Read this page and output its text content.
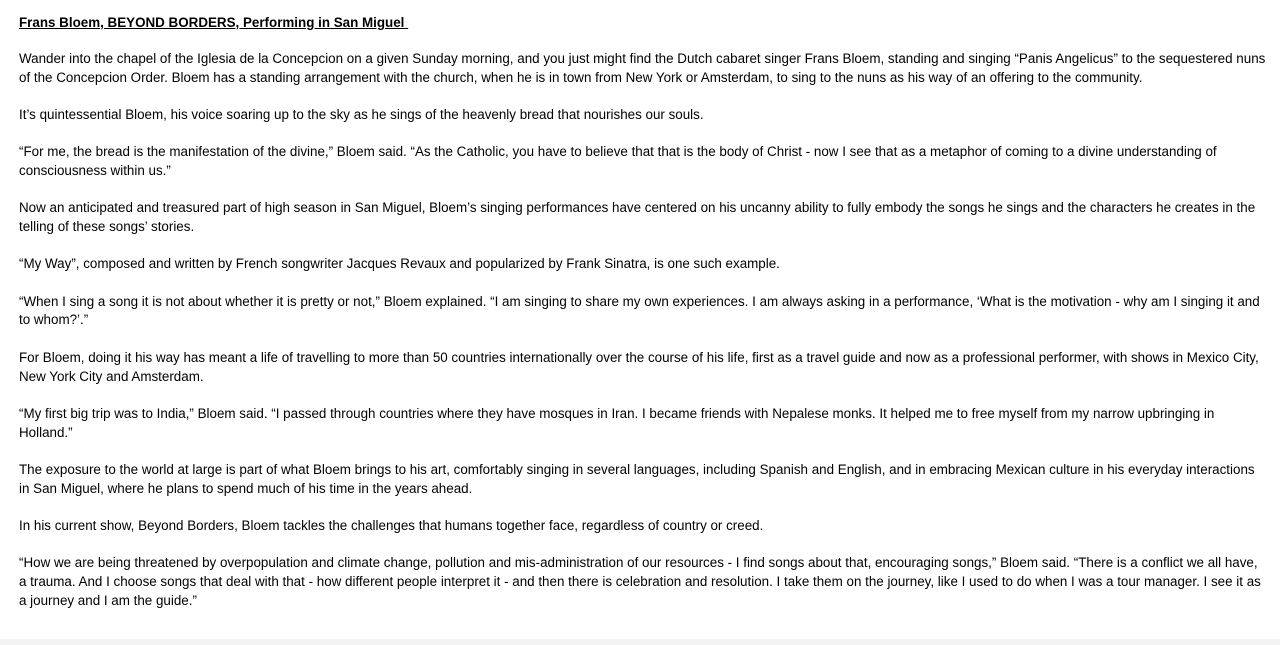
Frans Bloem, BEYOND BORDERS, Performing in San Miguel

Wander into the chapel of the Iglesia de la Concepcion on a given Sunday morning, and you just might find the Dutch cabaret singer Frans Bloem, standing and singing “Panis Angelicus” to the sequestered nuns of the Concepcion Order. Bloem has a standing arrangement with the church, when he is in town from New York or Amsterdam, to sing to the nuns as his way of an offering to the community.

It’s quintessential Bloem, his voice soaring up to the sky as he sings of the heavenly bread that nourishes our souls.

“For me, the bread is the manifestation of the divine,” Bloem said. “As the Catholic, you have to believe that that is the body of Christ - now I see that as a metaphor of coming to a divine understanding of consciousness within us.”

Now an anticipated and treasured part of high season in San Miguel, Bloem’s singing performances have centered on his uncanny ability to fully embody the songs he sings and the characters he creates in the telling of these songs’ stories.

“My Way”, composed and written by French songwriter Jacques Revaux and popularized by Frank Sinatra, is one such example.

“When I sing a song it is not about whether it is pretty or not,” Bloem explained. “I am singing to share my own experiences. I am always asking in a performance, ‘What is the motivation - why am I singing it and to whom?’.”

For Bloem, doing it his way has meant a life of travelling to more than 50 countries internationally over the course of his life, first as a travel guide and now as a professional performer, with shows in Mexico City, New York City and Amsterdam.

“My first big trip was to India,” Bloem said. “I passed through countries where they have mosques in Iran. I became friends with Nepalese monks. It helped me to free myself from my narrow upbringing in Holland.”

The exposure to the world at large is part of what Bloem brings to his art, comfortably singing in several languages, including Spanish and English, and in embracing Mexican culture in his everyday interactions in San Miguel, where he plans to spend much of his time in the years ahead.

In his current show, Beyond Borders, Bloem tackles the challenges that humans together face, regardless of country or creed.

“How we are being threatened by overpopulation and climate change, pollution and mis-administration of our resources - I find songs about that, encouraging songs,” Bloem said. “There is a conflict we all have, a trauma. And I choose songs that deal with that - how different people interpret it - and then there is celebration and resolution. I take them on the journey, like I used to do when I was a tour manager. I see it as a journey and I am the guide.”
